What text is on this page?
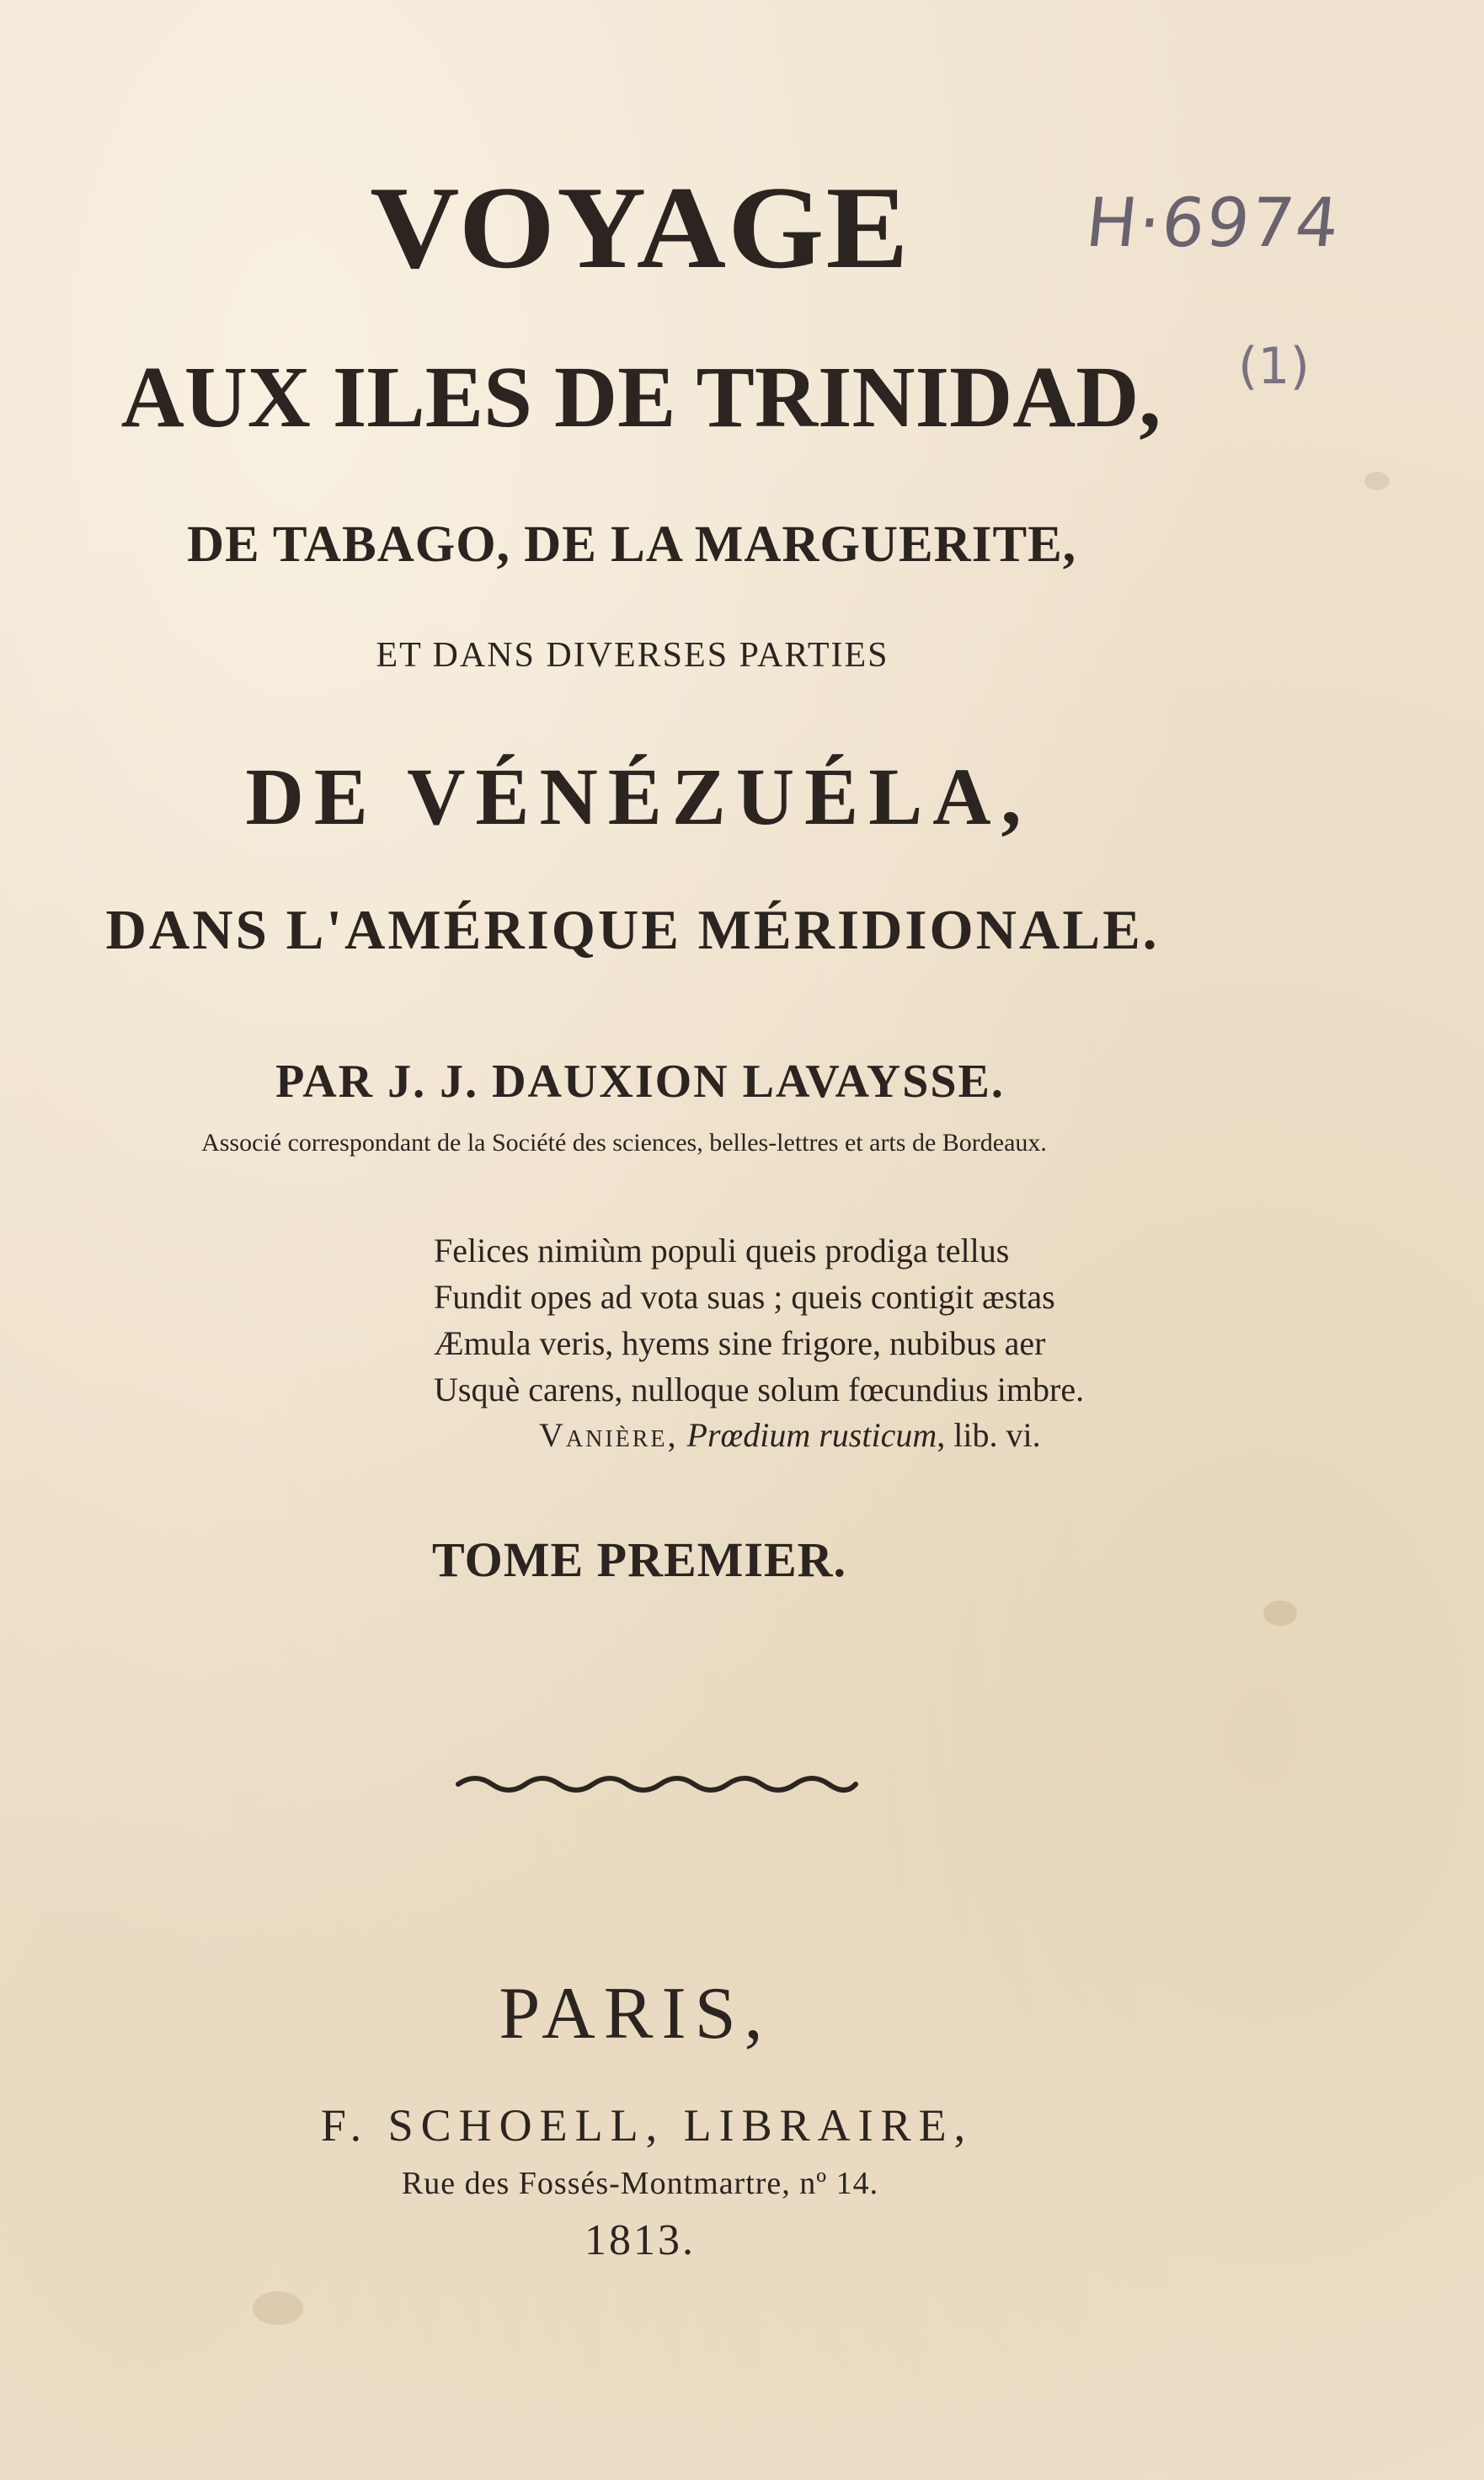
VOYAGE
AUX ILES DE TRINIDAD,
DE TABAGO, DE LA MARGUERITE,
ET DANS DIVERSES PARTIES
DE VÉNÉZUÉLA,
DANS L'AMÉRIQUE MÉRIDIONALE.
PAR J. J. DAUXION LAVAYSSE.
Associé correspondant de la Société des sciences, belles-lettres et arts de Bordeaux.
Felices nimiùm populi queis prodiga tellus
Fundit opes ad vota suas ; queis contigit æstas
Æmula veris, hyems sine frigore, nubibus aer
Usquè carens, nulloque solum fœcundius imbre.
Vanière, Prœdium rusticum, lib. vi.
TOME PREMIER.
PARIS,
F. SCHOELL, LIBRAIRE,
Rue des Fossés-Montmartre, nº 14.
1813.
H·6974
(1)
